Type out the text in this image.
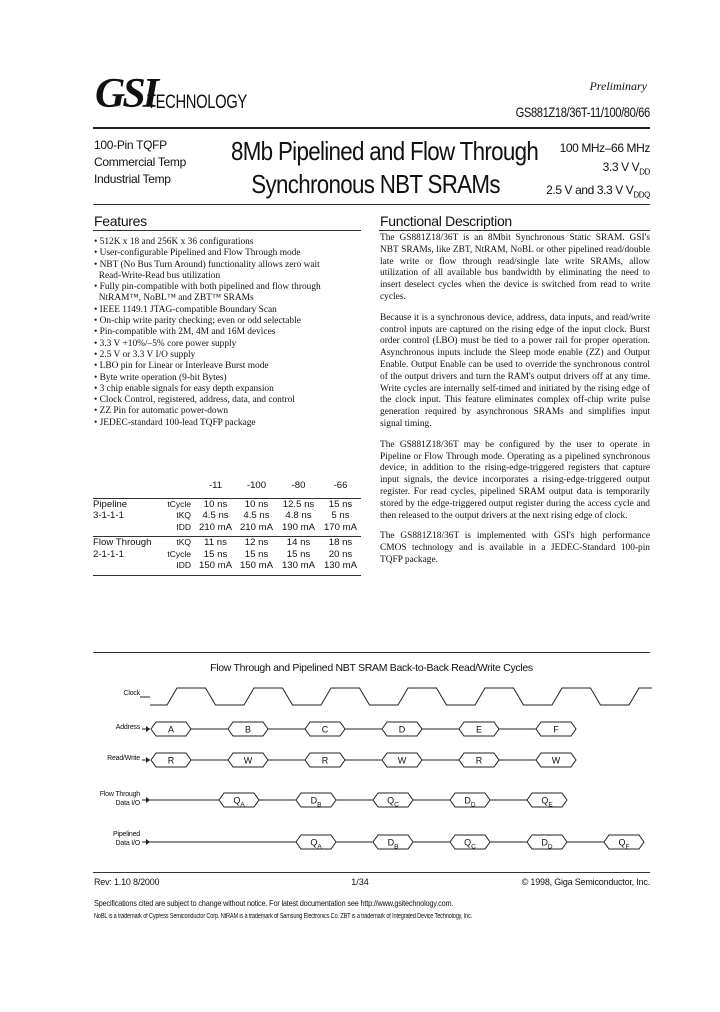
GSI
TECHNOLOGY
Preliminary
GS881Z18/36T-11/100/80/66
100-Pin TQFP
Commercial Temp
Industrial Temp
8Mb Pipelined and Flow Through
Synchronous NBT SRAMs
100 MHz–66 MHz
3.3 V $V_{DD}$
2.5 V and 3.3 V $V_{DDQ}$
Features
• 512K x 18 and 256K x 36 configurations
• User-configurable Pipelined and Flow Through mode
• NBT (No Bus Turn Around) functionality allows zero wait
Read-Write-Read bus utilization
• Fully pin-compatible with both pipelined and flow through
NtRAM™, NoBL™ and ZBT™ SRAMs
• IEEE 1149.1 JTAG-compatible Boundary Scan
• On-chip write parity checking; even or odd selectable
• Pin-compatible with 2M, 4M and 16M devices
• 3.3 V +10%/–5% core power supply
• 2.5 V or 3.3 V I/O supply
• LBO pin for Linear or Interleave Burst mode
• Byte write operation (9-bit Bytes)
• 3 chip enable signals for easy depth expansion
• Clock Control, registered, address, data, and control
• ZZ Pin for automatic power-down
• JEDEC-standard 100-lead TQFP package
		-11	-100	-80	-66

Pipeline	tCycle	10 ns	10 ns	12.5 ns	15 ns
3-1-1-1	tKQ	4.5 ns	4.5 ns	4.8 ns	5 ns
	IDD	210 mA	210 mA	190 mA	170 mA

Flow Through	tKQ	11 ns	12 ns	14 ns	18 ns
2-1-1-1	tCycle	15 ns	15 ns	15 ns	20 ns
	IDD	150 mA	150 mA	130 mA	130 mA

Functional Description

The GS881Z18/36T is an 8Mbit Synchronous Static SRAM. GSI's NBT SRAMs, like ZBT, NtRAM, NoBL or other pipelined read/double late write or flow through read/single late write SRAMs, allow utilization of all available bus bandwidth by eliminating the need to insert deselect cycles when the device is switched from read to write cycles.

Because it is a synchronous device, address, data inputs, and read/write control inputs are captured on the rising edge of the input clock. Burst order control (LBO) must be tied to a power rail for proper operation. Asynchronous inputs include the Sleep mode enable (ZZ) and Output Enable. Output Enable can be used to override the synchronous control of the output drivers and turn the RAM's output drivers off at any time. Write cycles are internally self-timed and initiated by the rising edge of the clock input. This feature eliminates complex off-chip write pulse generation required by asynchronous SRAMs and simplifies input signal timing.

The GS881Z18/36T may be configured by the user to operate in Pipeline or Flow Through mode. Operating as a pipelined synchronous device, in addition to the rising-edge-triggered registers that capture input signals, the device incorporates a rising-edge-triggered output register. For read cycles, pipelined SRAM output data is temporarily stored by the edge-triggered output register during the access cycle and then released to the output drivers at the next rising edge of clock.

The GS881Z18/36T is implemented with GSI's high performance CMOS technology and is available in a JEDEC-Standard 100-pin TQFP package.

Flow Through and Pipelined NBT SRAM Back-to-Back Read/Write Cycles
A	B	C	D	E	F
R	W	R	W	R	W
$Q_A$	$D_B$	$Q_C$	$D_D$	$Q_E$
$Q_A$	$D_B$	$Q_C$	$D_D$	$Q_F$
Clock
Address
Read/Write
Flow Through
Data I/O
Pipelined
Data I/O
Rev: 1.10 8/2000	1/34	© 1998, Giga Semiconductor, Inc.
Specifications cited are subject to change without notice. For latest documentation see http://www.gsitechnology.com.
NoBL is a trademark of Cypress Semiconductor Corp. NtRAM is a trademark of Samsung Electronics Co. ZBT is a trademark of Integrated Device Technology, Inc.
